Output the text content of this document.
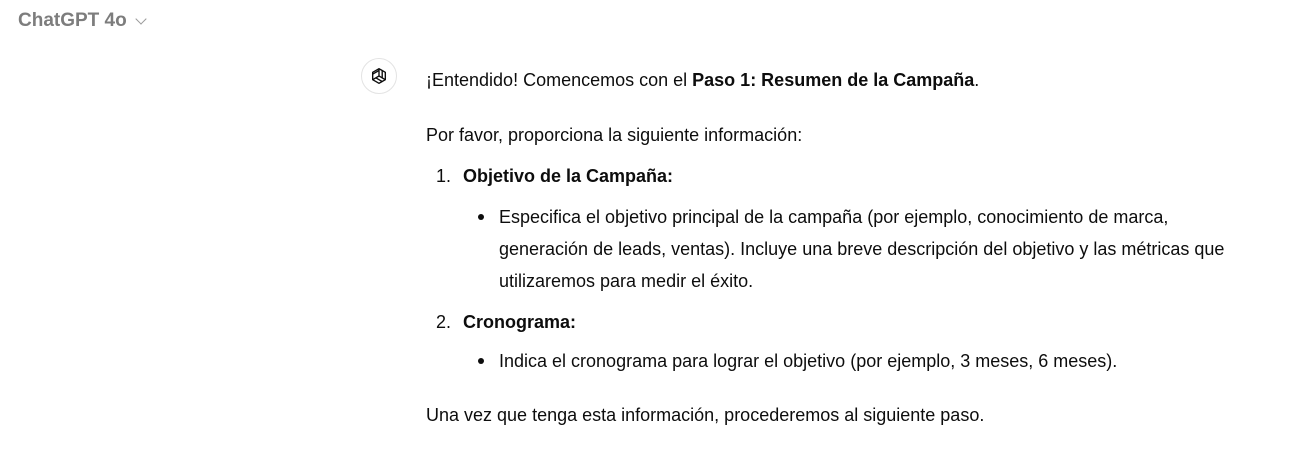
ChatGPT 4o

¡Entendido! Comencemos con el Paso 1: Resumen de la Campaña.

Por favor, proporciona la siguiente información:

1. Objetivo de la Campaña:
Especifica el objetivo principal de la campaña (por ejemplo, conocimiento de marca, generación de leads, ventas). Incluye una breve descripción del objetivo y las métricas que utilizaremos para medir el éxito.
2. Cronograma:
Indica el cronograma para lograr el objetivo (por ejemplo, 3 meses, 6 meses).

Una vez que tenga esta información, procederemos al siguiente paso.
